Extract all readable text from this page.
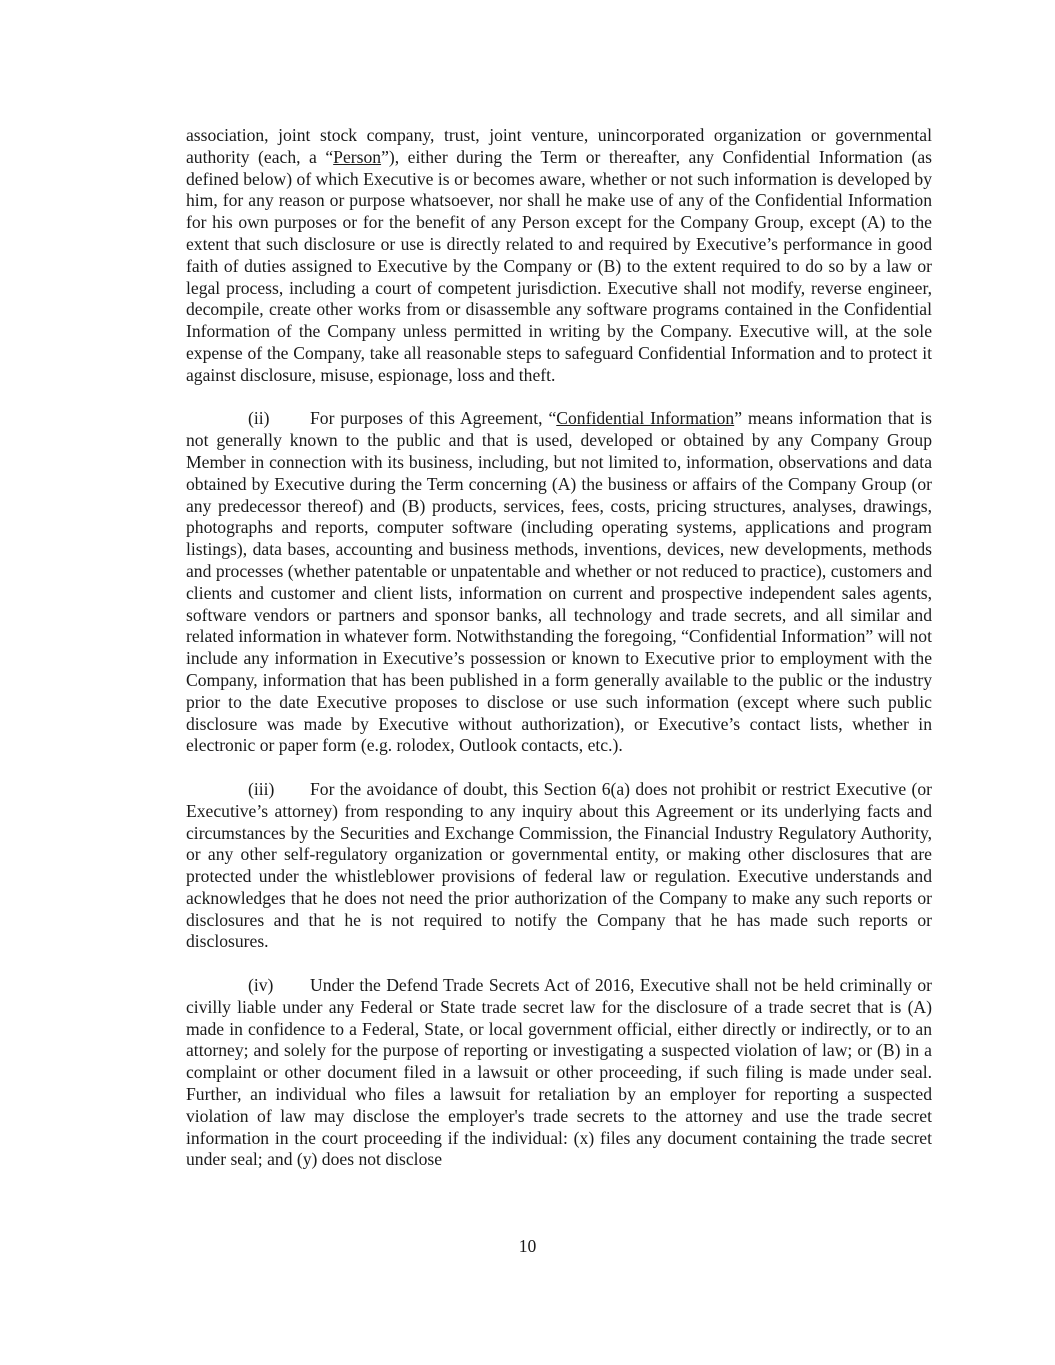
association, joint stock company, trust, joint venture, unincorporated organization or governmental authority (each, a “Person”), either during the Term or thereafter, any Confidential Information (as defined below) of which Executive is or becomes aware, whether or not such information is developed by him, for any reason or purpose whatsoever, nor shall he make use of any of the Confidential Information for his own purposes or for the benefit of any Person except for the Company Group, except (A) to the extent that such disclosure or use is directly related to and required by Executive’s performance in good faith of duties assigned to Executive by the Company or (B) to the extent required to do so by a law or legal process, including a court of competent jurisdiction. Executive shall not modify, reverse engineer, decompile, create other works from or disassemble any software programs contained in the Confidential Information of the Company unless permitted in writing by the Company. Executive will, at the sole expense of the Company, take all reasonable steps to safeguard Confidential Information and to protect it against disclosure, misuse, espionage, loss and theft.

(ii) For purposes of this Agreement, “Confidential Information” means information that is not generally known to the public and that is used, developed or obtained by any Company Group Member in connection with its business, including, but not limited to, information, observations and data obtained by Executive during the Term concerning (A) the business or affairs of the Company Group (or any predecessor thereof) and (B) products, services, fees, costs, pricing structures, analyses, drawings, photographs and reports, computer software (including operating systems, applications and program listings), data bases, accounting and business methods, inventions, devices, new developments, methods and processes (whether patentable or unpatentable and whether or not reduced to practice), customers and clients and customer and client lists, information on current and prospective independent sales agents, software vendors or partners and sponsor banks, all technology and trade secrets, and all similar and related information in whatever form. Notwithstanding the foregoing, “Confidential Information” will not include any information in Executive’s possession or known to Executive prior to employment with the Company, information that has been published in a form generally available to the public or the industry prior to the date Executive proposes to disclose or use such information (except where such public disclosure was made by Executive without authorization), or Executive’s contact lists, whether in electronic or paper form (e.g. rolodex, Outlook contacts, etc.).

(iii) For the avoidance of doubt, this Section 6(a) does not prohibit or restrict Executive (or Executive’s attorney) from responding to any inquiry about this Agreement or its underlying facts and circumstances by the Securities and Exchange Commission, the Financial Industry Regulatory Authority, or any other self-regulatory organization or governmental entity, or making other disclosures that are protected under the whistleblower provisions of federal law or regulation. Executive understands and acknowledges that he does not need the prior authorization of the Company to make any such reports or disclosures and that he is not required to notify the Company that he has made such reports or disclosures.

(iv) Under the Defend Trade Secrets Act of 2016, Executive shall not be held criminally or civilly liable under any Federal or State trade secret law for the disclosure of a trade secret that is (A) made in confidence to a Federal, State, or local government official, either directly or indirectly, or to an attorney; and solely for the purpose of reporting or investigating a suspected violation of law; or (B) in a complaint or other document filed in a lawsuit or other proceeding, if such filing is made under seal. Further, an individual who files a lawsuit for retaliation by an employer for reporting a suspected violation of law may disclose the employer's trade secrets to the attorney and use the trade secret information in the court proceeding if the individual: (x) files any document containing the trade secret under seal; and (y) does not disclose

10
